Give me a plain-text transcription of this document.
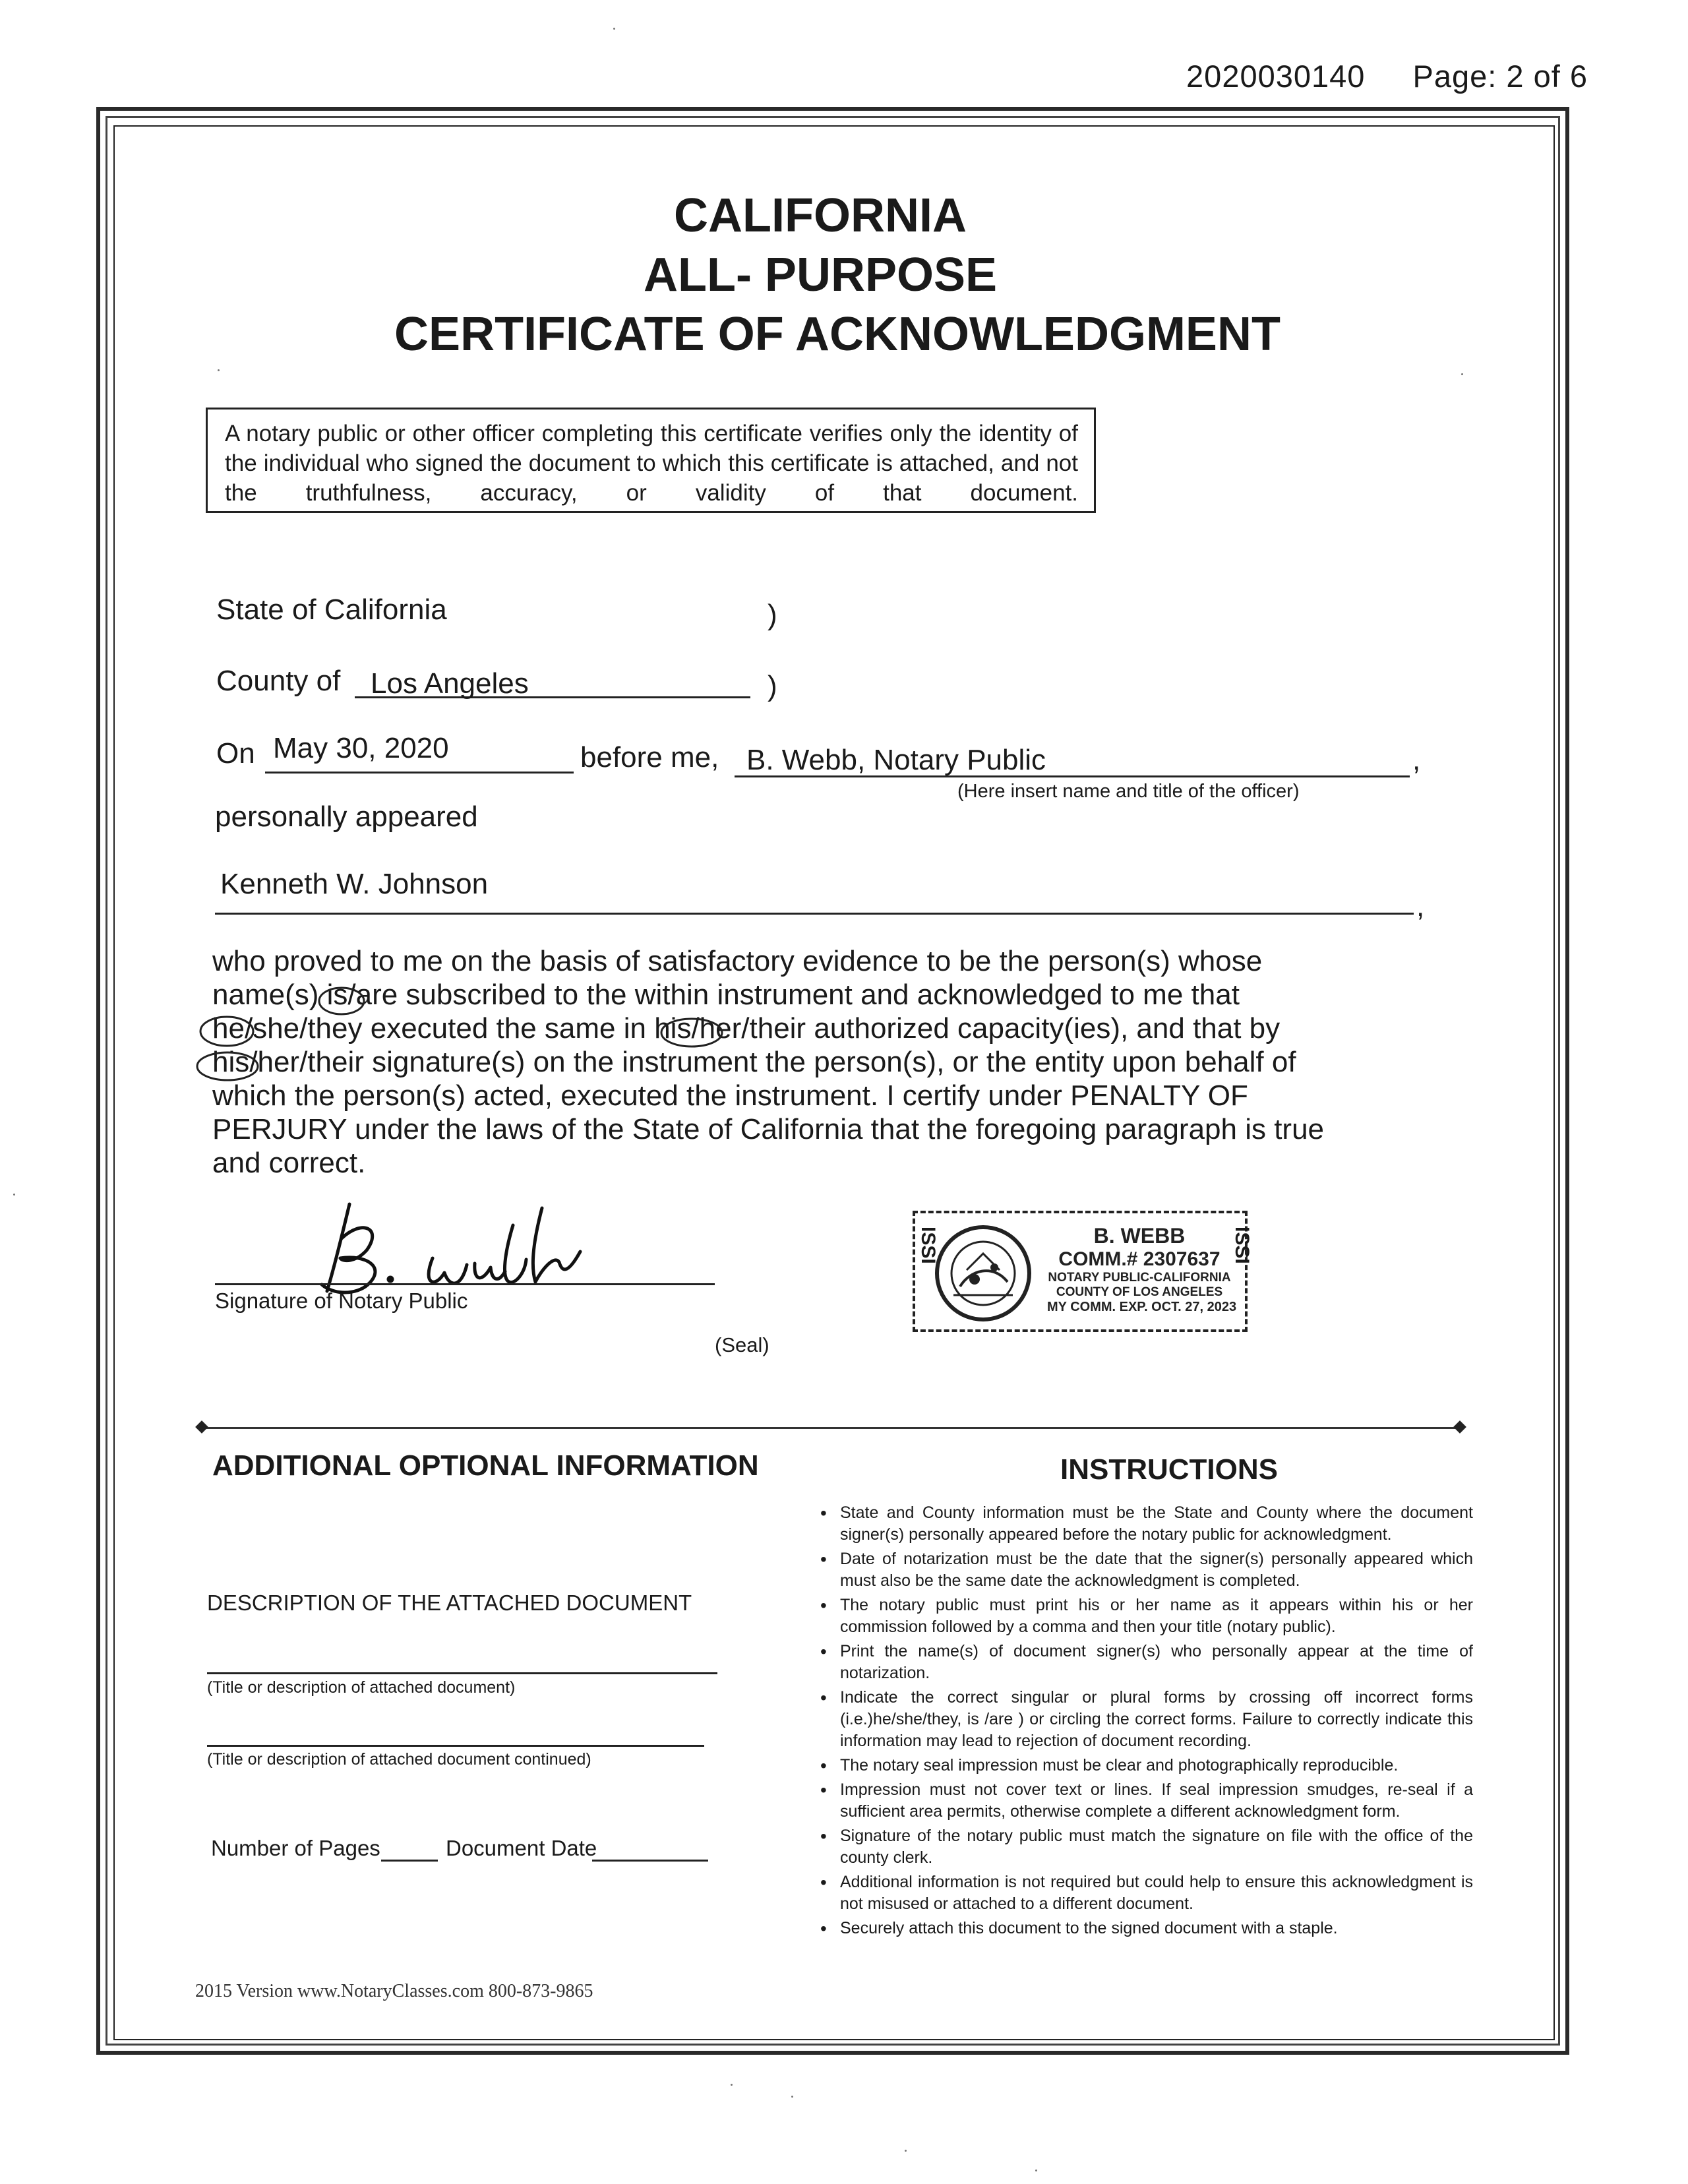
2020030140 Page: 2 of 6
CALIFORNIA
ALL- PURPOSE
CERTIFICATE OF ACKNOWLEDGMENT
A notary public or other officer completing this certificate verifies only the identity of the individual who signed the document to which this certificate is attached, and not the truthfulness, accuracy, or validity of that document.
State of California	)
County of Los Angeles	)
On May 30, 2020	before me, B. Webb, Notary Public	,
(Here insert name and title of the officer)
personally appeared
Kenneth W. Johnson
,
who proved to me on the basis of satisfactory evidence to be the person(s) whose
name(s) is/are subscribed to the within instrument and acknowledged to me that
he/she/they executed the same in his/her/their authorized capacity(ies), and that by
his/her/their signature(s) on the instrument the person(s), or the entity upon behalf of
which the person(s) acted, executed the instrument. I certify under PENALTY OF
PERJURY under the laws of the State of California that the foregoing paragraph is true
and correct.
B. Webb
Signature of Notary Public
(Seal)
ISSI	ISSI
B. WEBB
COMM.# 2307637
NOTARY PUBLIC-CALIFORNIA
COUNTY OF LOS ANGELES
MY COMM. EXP. OCT. 27, 2023
ADDITIONAL OPTIONAL INFORMATION
DESCRIPTION OF THE ATTACHED DOCUMENT
(Title or description of attached document)
(Title or description of attached document continued)
Number of Pages	Document Date
INSTRUCTIONS
• State and County information must be the State and County where the document signer(s) personally appeared before the notary public for acknowledgment.
• Date of notarization must be the date that the signer(s) personally appeared which must also be the same date the acknowledgment is completed.
• The notary public must print his or her name as it appears within his or her commission followed by a comma and then your title (notary public).
• Print the name(s) of document signer(s) who personally appear at the time of notarization.
• Indicate the correct singular or plural forms by crossing off incorrect forms (i.e.)he/she/they, is /are ) or circling the correct forms. Failure to correctly indicate this information may lead to rejection of document recording.
• The notary seal impression must be clear and photographically reproducible.
• Impression must not cover text or lines. If seal impression smudges, re-seal if a sufficient area permits, otherwise complete a different acknowledgment form.
• Signature of the notary public must match the signature on file with the office of the county clerk.
• Additional information is not required but could help to ensure this acknowledgment is not misused or attached to a different document.
• Securely attach this document to the signed document with a staple.
2015 Version www.NotaryClasses.com 800-873-9865
